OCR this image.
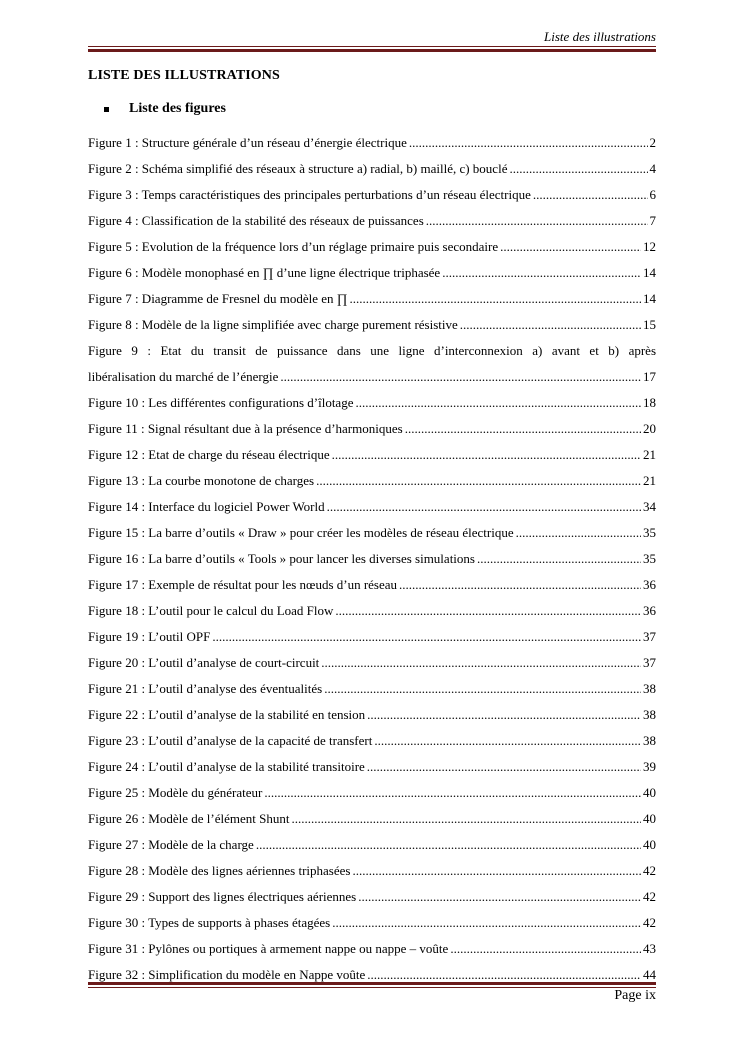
Liste des illustrations
LISTE DES ILLUSTRATIONS
Liste des figures
Figure 1 : Structure générale d’un réseau d’énergie électrique .....	2
Figure 2 : Schéma simplifié des réseaux à structure a) radial, b) maillé, c) bouclé .....	4
Figure 3 : Temps caractéristiques des principales perturbations d’un réseau électrique .....	6
Figure 4 : Classification de la stabilité des réseaux de puissances .....	7
Figure 5 : Evolution de la fréquence lors d’un réglage primaire puis secondaire .....	12
Figure 6 : Modèle monophasé en ∏ d’une ligne électrique triphasée .....	14
Figure 7 : Diagramme de Fresnel du modèle en ∏ .....	14
Figure 8 : Modèle de la ligne simplifiée avec charge purement résistive .....	15
Figure 9 : Etat du transit de puissance dans une ligne d’interconnexion a) avant et b) après
libéralisation du marché de l’énergie .....	17
Figure 10 : Les différentes configurations d’îlotage .....	18
Figure 11 : Signal résultant due à la présence d’harmoniques .....	20
Figure 12 : Etat de charge du réseau électrique .....	21
Figure 13 : La courbe monotone de charges .....	21
Figure 14 : Interface du logiciel Power World .....	34
Figure 15 : La barre d’outils « Draw » pour créer les modèles de réseau électrique .....	35
Figure 16 : La barre d’outils « Tools » pour lancer les diverses simulations .....	35
Figure 17 : Exemple de résultat pour les nœuds d’un réseau .....	36
Figure 18 : L’outil pour le calcul du Load Flow .....	36
Figure 19 : L’outil OPF .....	37
Figure 20 : L’outil d’analyse de court-circuit .....	37
Figure 21 : L’outil d’analyse des éventualités .....	38
Figure 22 : L’outil d’analyse de la stabilité en tension .....	38
Figure 23 : L’outil d’analyse de la capacité de transfert .....	38
Figure 24 : L’outil d’analyse de la stabilité transitoire .....	39
Figure 25 : Modèle du générateur .....	40
Figure 26 : Modèle de l’élément Shunt .....	40
Figure 27 : Modèle de la charge .....	40
Figure 28 : Modèle des lignes aériennes triphasées .....	42
Figure 29 : Support des lignes électriques aériennes .....	42
Figure 30 : Types de supports à phases étagées .....	42
Figure 31 : Pylônes ou portiques à armement nappe ou nappe – voûte .....	43
Figure 32 : Simplification du modèle en Nappe voûte .....	44
Page ix
